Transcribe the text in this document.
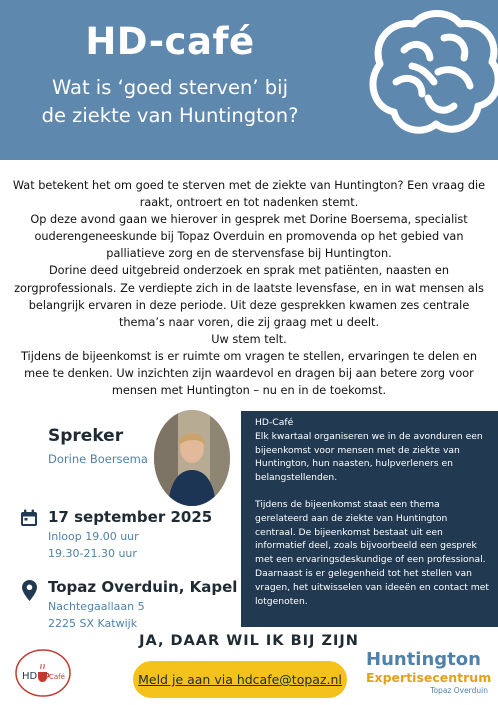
HD-café
Wat is ‘goed sterven’ bij
de ziekte van Huntington?

Wat betekent het om goed te sterven met de ziekte van Huntington? Een vraag die raakt, ontroert en tot nadenken stemt.

Op deze avond gaan we hierover in gesprek met Dorine Boersema, specialist ouderengeneeskunde bij Topaz Overduin en promovenda op het gebied van palliatieve zorg en de stervensfase bij Huntington.

Dorine deed uitgebreid onderzoek en sprak met patiënten, naasten en zorgprofessionals. Ze verdiepte zich in de laatste levensfase, en in wat mensen als belangrijk ervaren in deze periode. Uit deze gesprekken kwamen zes centrale thema’s naar voren, die zij graag met u deelt.

Uw stem telt.

Tijdens de bijeenkomst is er ruimte om vragen te stellen, ervaringen te delen en mee te denken. Uw inzichten zijn waardevol en dragen bij aan betere zorg voor mensen met Huntington – nu en in de toekomst.

Spreker
Dorine Boersema
17 september 2025
Inloop 19.00 uur
19.30-21.30 uur
Topaz Overduin, Kapel
Nachtegaallaan 5
2225 SX Katwijk

HD-Café

Elk kwartaal organiseren we in de avonduren een bijeenkomst voor mensen met de ziekte van Huntington, hun naasten, hulpverleners en belangstellenden.

Tijdens de bijeenkomst staat een thema gerelateerd aan de ziekte van Huntington centraal. De bijeenkomst bestaat uit een informatief deel, zoals bijvoorbeeld een gesprek met een ervaringsdeskundige of een professional. Daarnaast is er gelegenheid tot het stellen van vragen, het uitwisselen van ideeën en contact met lotgenoten.

JA, DAAR WIL IK BIJ ZIJN
Meld je aan via hdcafe@topaz.nl
HD Café
Huntington
Expertisecentrum
Topaz Overduin
